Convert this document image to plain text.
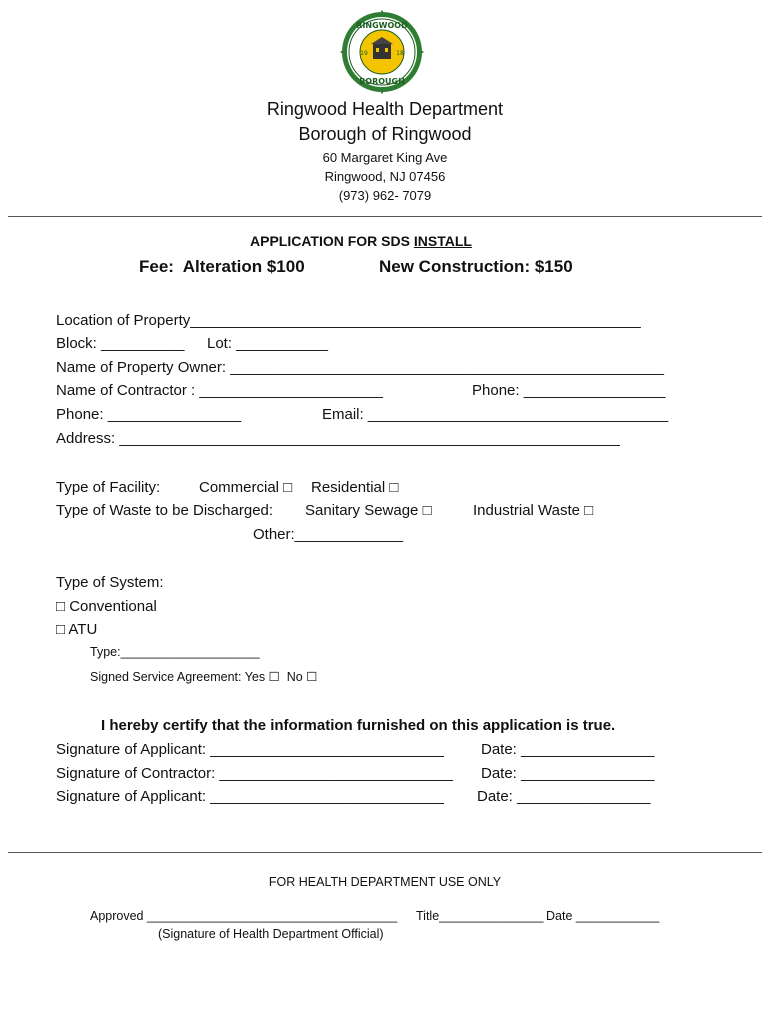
RINGWOOD
BOROUGH
19	18
Ringwood Health Department
Borough of Ringwood
60 Margaret King Ave
Ringwood, NJ 07456
(973) 962- 7079
APPLICATION FOR SDS INSTALL
Fee:  Alteration $100	New Construction: $150
Location of Property______________________________________________________
Block: __________ Lot: ___________
Name of Property Owner: ____________________________________________________
Name of Contractor : ______________________	Phone: _________________
Phone: ________________	Email: ____________________________________
Address: ____________________________________________________________
Type of Facility:	Commercial □ Residential □
Type of Waste to be Discharged: Sanitary Sewage □	Industrial Waste □
Other:_____________
Type of System:
□ Conventional
□ ATU
Type:____________________
Signed Service Agreement: Yes ☐  No ☐
I hereby certify that the information furnished on this application is true.
Signature of Applicant: ____________________________ Date: ________________
Signature of Contractor: ____________________________ Date: ________________
Signature of Applicant: ____________________________ Date: ________________
FOR HEALTH DEPARTMENT USE ONLY
Approved ____________________________________ Title_______________ Date ____________
(Signature of Health Department Official)
